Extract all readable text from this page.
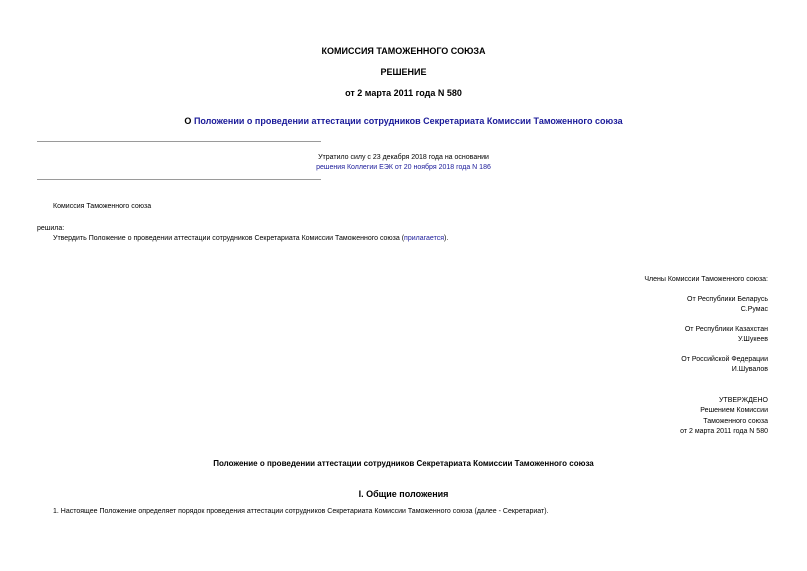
КОМИССИЯ ТАМОЖЕННОГО СОЮЗА
РЕШЕНИЕ
от 2 марта 2011 года N 580
О Положении о проведении аттестации сотрудников Секретариата Комиссии Таможенного союза
Утратило силу с 23 декабря 2018 года на основании
решения Коллегии ЕЭК от 20 ноября 2018 года N 186
Комиссия Таможенного союза
решила:
Утвердить Положение о проведении аттестации сотрудников Секретариата Комиссии Таможенного союза (прилагается).
Члены Комиссии Таможенного союза:
От Республики Беларусь
С.Румас
От Республики Казахстан
У.Шукеев
От Российской Федерации
И.Шувалов
УТВЕРЖДЕНО
Решением Комиссии
Таможенного союза
от 2 марта 2011 года N 580
Положение о проведении аттестации сотрудников Секретариата Комиссии Таможенного союза
I. Общие положения
1. Настоящее Положение определяет порядок проведения аттестации сотрудников Секретариата Комиссии Таможенного союза (далее - Секретариат).
